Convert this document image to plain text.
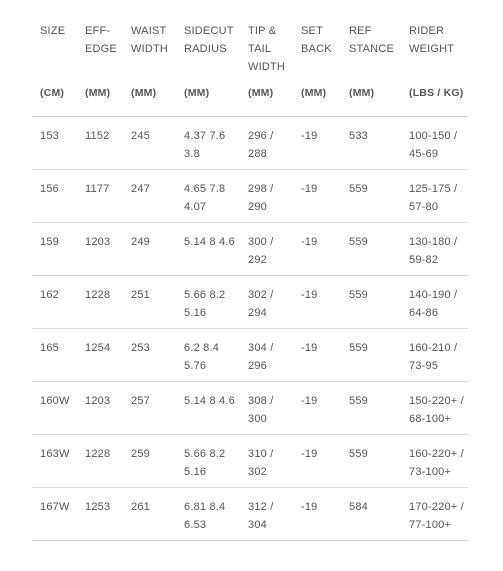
SIZE	EFF-EDGE	WAIST WIDTH	SIDECUT RADIUS	TIP & TAIL WIDTH	SET BACK	REF STANCE	RIDER WEIGHT
(CM)	(MM)	(MM)	(MM)	(MM)	(MM)	(MM)	(LBS / KG)
153	1152	245	4.37 7.6 3.8	296 / 288	-19	533	100-150 / 45-69
156	1177	247	4.65 7.8 4.07	298 / 290	-19	559	125-175 / 57-80
159	1203	249	5.14 8 4.6	300 / 292	-19	559	130-180 / 59-82
162	1228	251	5.66 8.2 5.16	302 / 294	-19	559	140-190 / 64-86
165	1254	253	6.2 8.4 5.76	304 / 296	-19	559	160-210 / 73-95
160W	1203	257	5.14 8 4.6	308 / 300	-19	559	150-220+ / 68-100+
163W	1228	259	5.66 8.2 5.16	310 / 302	-19	559	160-220+ / 73-100+
167W	1253	261	6.81 8.4 6.53	312 / 304	-19	584	170-220+ / 77-100+
